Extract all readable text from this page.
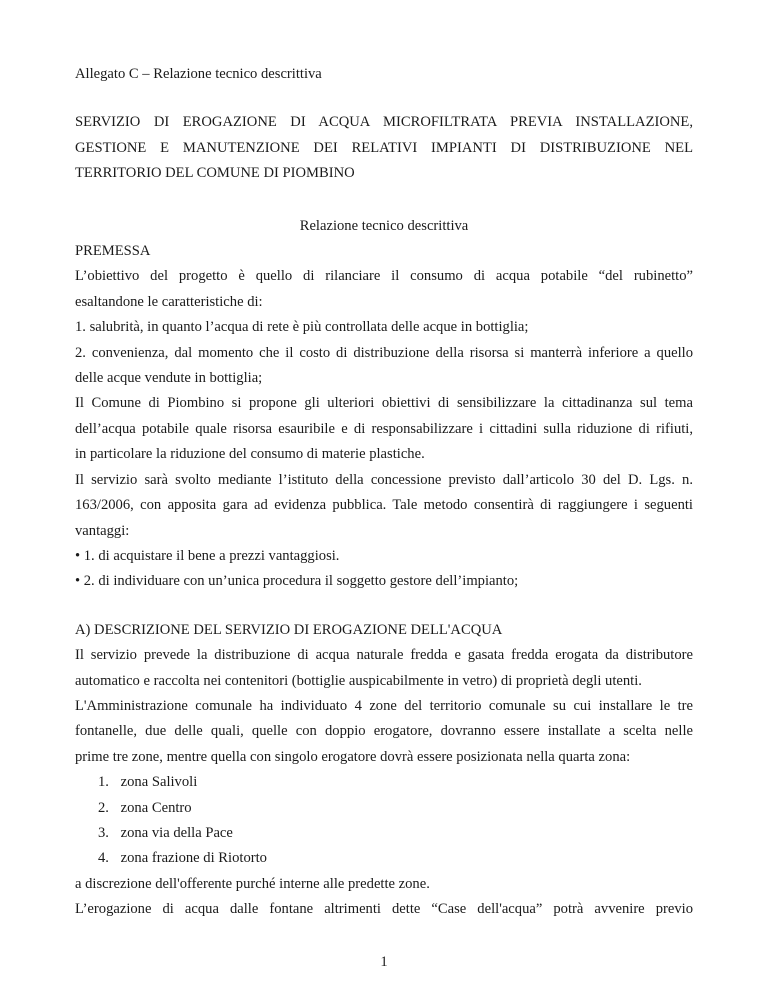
Allegato C – Relazione tecnico descrittiva
SERVIZIO DI EROGAZIONE DI ACQUA MICROFILTRATA PREVIA INSTALLAZIONE,
GESTIONE E MANUTENZIONE DEI RELATIVI IMPIANTI DI DISTRIBUZIONE NEL
TERRITORIO DEL COMUNE DI PIOMBINO
Relazione tecnico descrittiva
PREMESSA
L’obiettivo del progetto è quello di rilanciare il consumo di acqua potabile “del rubinetto”
esaltandone le caratteristiche di:
1. salubrità, in quanto l’acqua di rete è più controllata delle acque in bottiglia;
2. convenienza, dal momento che il costo di distribuzione della risorsa si manterrà inferiore a quello
delle acque vendute in bottiglia;
Il Comune di Piombino si propone gli ulteriori obiettivi di sensibilizzare la cittadinanza sul tema
dell’acqua potabile quale risorsa esauribile e di responsabilizzare i cittadini sulla riduzione di rifiuti,
in particolare la riduzione del consumo di materie plastiche.
Il servizio sarà svolto mediante l’istituto della concessione previsto dall’articolo 30 del D. Lgs. n.
163/2006, con apposita gara ad evidenza pubblica. Tale metodo consentirà di raggiungere i seguenti
vantaggi:
• 1. di acquistare il bene a prezzi vantaggiosi.
• 2. di individuare con un’unica procedura il soggetto gestore dell’impianto;
A) DESCRIZIONE DEL SERVIZIO DI EROGAZIONE DELL'ACQUA
Il servizio prevede la distribuzione di acqua naturale fredda e gasata fredda erogata da distributore
automatico e raccolta nei contenitori (bottiglie auspicabilmente in vetro) di proprietà degli utenti.
L'Amministrazione comunale ha individuato 4 zone del territorio comunale su cui installare le tre
fontanelle, due delle quali, quelle con doppio erogatore, dovranno essere installate a scelta nelle
prime tre zone, mentre quella con singolo erogatore dovrà essere posizionata nella quarta zona:
1. zona Salivoli
2. zona Centro
3. zona via della Pace
4. zona frazione di Riotorto
a discrezione dell'offerente purché interne alle predette zone.
L’erogazione di acqua dalle fontane altrimenti dette “Case dell'acqua” potrà avvenire previo
1
